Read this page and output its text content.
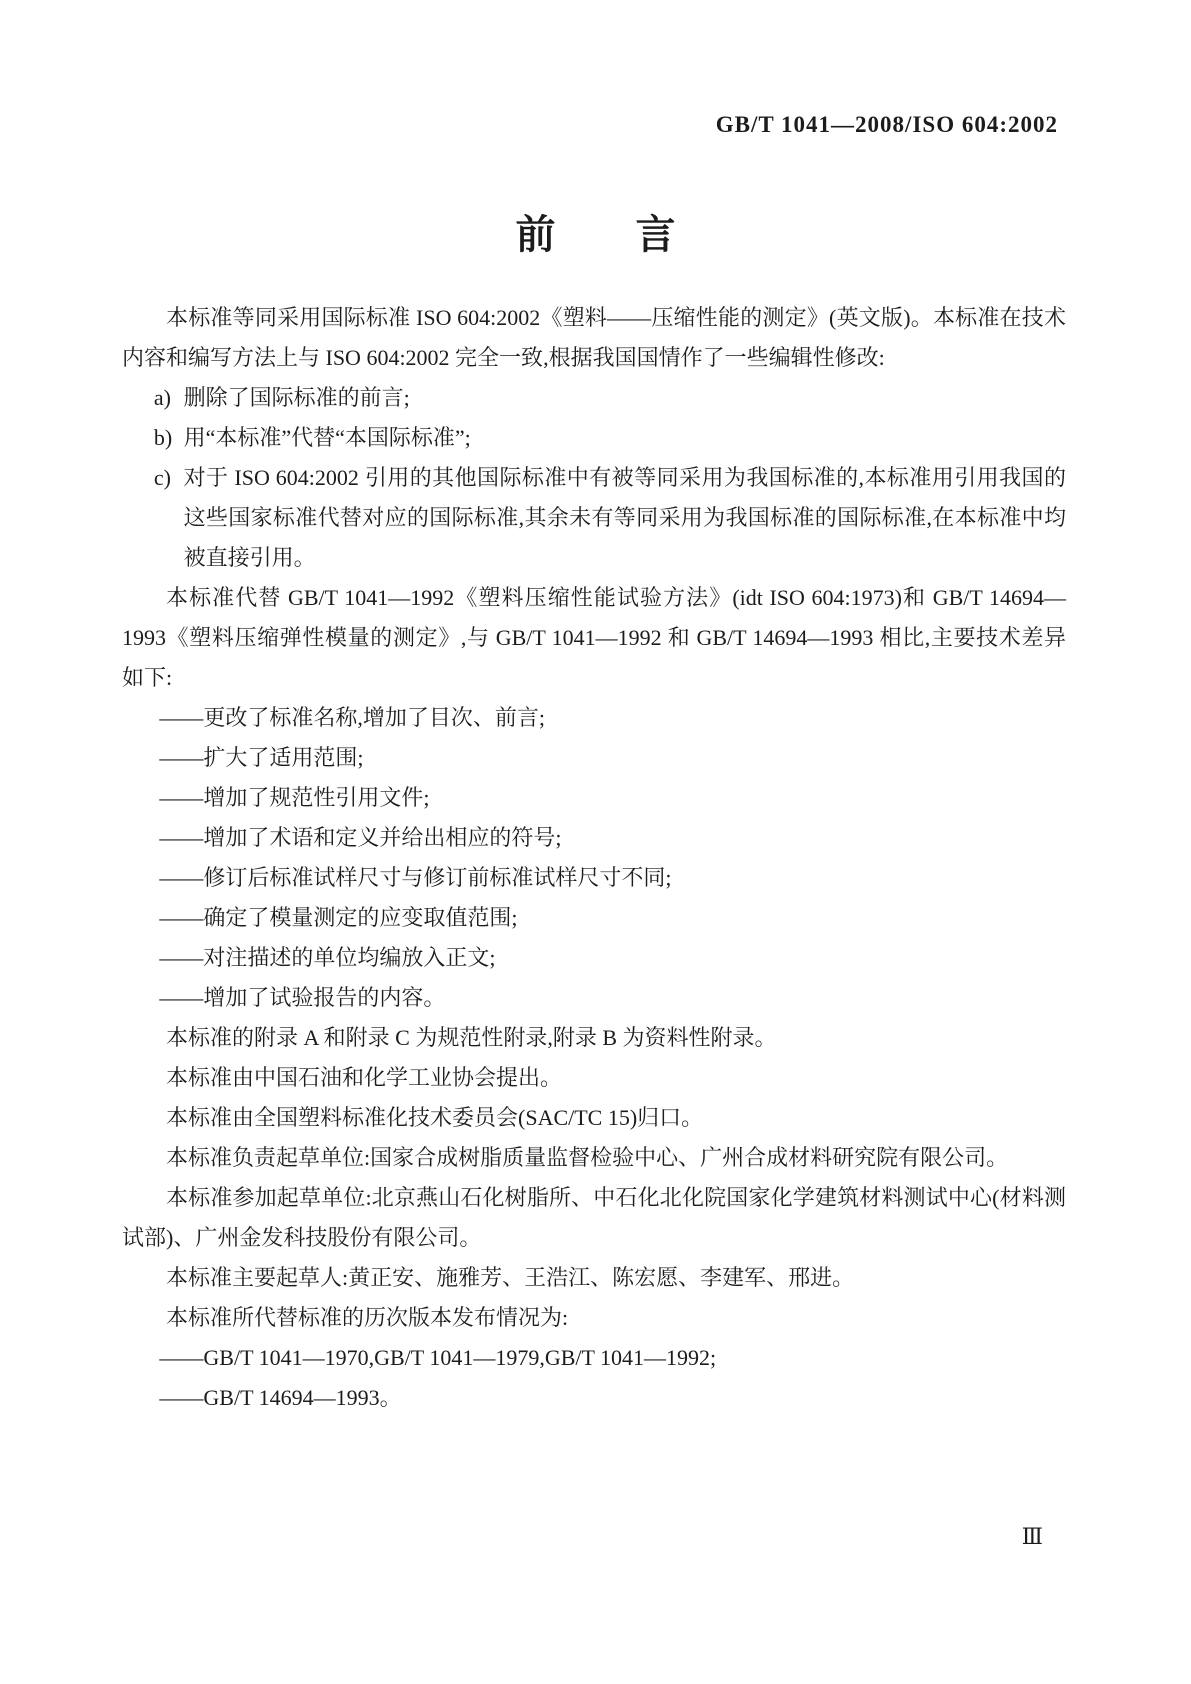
GB/T 1041—2008/ISO 604:2002
前　　言

本标准等同采用国际标准 ISO 604:2002《塑料——压缩性能的测定》(英文版)。本标准在技术内容和编写方法上与 ISO 604:2002 完全一致,根据我国国情作了一些编辑性修改:

a) 删除了国际标准的前言;
b) 用“本标准”代替“本国际标准”;
c) 对于 ISO 604:2002 引用的其他国际标准中有被等同采用为我国标准的,本标准用引用我国的这些国家标准代替对应的国际标准,其余未有等同采用为我国标准的国际标准,在本标准中均被直接引用。

本标准代替 GB/T 1041—1992《塑料压缩性能试验方法》(idt ISO 604:1973)和 GB/T 14694—1993《塑料压缩弹性模量的测定》,与 GB/T 1041—1992 和 GB/T 14694—1993 相比,主要技术差异如下:

——更改了标准名称,增加了目次、前言;

——扩大了适用范围;

——增加了规范性引用文件;

——增加了术语和定义并给出相应的符号;

——修订后标准试样尺寸与修订前标准试样尺寸不同;

——确定了模量测定的应变取值范围;

——对注描述的单位均编放入正文;

——增加了试验报告的内容。

本标准的附录 A 和附录 C 为规范性附录,附录 B 为资料性附录。

本标准由中国石油和化学工业协会提出。

本标准由全国塑料标准化技术委员会(SAC/TC 15)归口。

本标准负责起草单位:国家合成树脂质量监督检验中心、广州合成材料研究院有限公司。

本标准参加起草单位:北京燕山石化树脂所、中石化北化院国家化学建筑材料测试中心(材料测试部)、广州金发科技股份有限公司。

本标准主要起草人:黄正安、施雅芳、王浩江、陈宏愿、李建军、邢进。

本标准所代替标准的历次版本发布情况为:

——GB/T 1041—1970,GB/T 1041—1979,GB/T 1041—1992;

——GB/T 14694—1993。

Ⅲ
